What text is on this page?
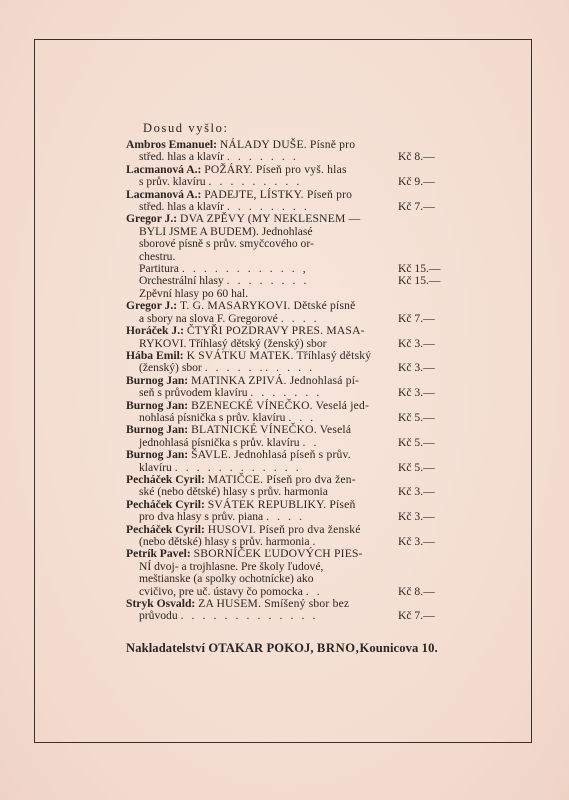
Dosud vyšlo:
Ambros Emanuel: NÁLADY DUŠE. Písně pro
střed. hlas a klavír . . . . . . .	Kč 8.—
Lacmanová A.: POŽÁRY. Píseň pro vyš. hlas
s prův. klavíru . . . . . . . . .	Kč 9.—
Lacmanová A.: PADEJTE, LÍSTKY. Píseň pro
střed. hlas a klavír . . . . . . . .	Kč 7.—
Gregor J.: DVA ZPĚVY (MY NEKLESNEM —
BYLI JSME A BUDEM). Jednohlasé
sborové písně s prův. smyčcového or-
chestru.
Partitura . . . . . . . . . . . ,	Kč 15.—
Orchestrální hlasy . . . . . . . .	Kč 15.—
Zpěvní hlasy po 60 hal.
Gregor J.: T. G. MASARYKOVI. Dětské písně
a sbory na slova F. Gregorové . . . .	Kč 7.—
Horáček J.: ČTYŘI POZDRAVY PRES. MASA-
RYKOVI. Tříhlasý dětský (ženský) sbor	Kč 3.—
Hába Emil: K SVÁTKU MATEK. Tříhlasý dětský
(ženský) sbor . . . . . .. . . . .	Kč 3.—
Burnog Jan: MATINKA ZPIVÁ. Jednohlasá pí-
seň s průvodem klavíru . . . . . . .	Kč 3.—
Burnog Jan: BZENECKÉ VÍNEČKO. Veselá jed-
nohlasá písnička s prův. klavíru . . .	Kč 5.—
Burnog Jan: BLATNICKÉ VÍNEČKO. Veselá
jednohlasá písnička s prův. klavíru . .	Kč 5.—
Burnog Jan: ŠAVLE. Jednohlasá píseň s prův.
klavíru . . . . . . . . . . . .	Kč 5.—
Pecháček Cyril: MATIČCE. Píseň pro dva žen-
ské (nebo dětské) hlasy s prův. harmonia	Kč 3.—
Pecháček Cyril: SVÁTEK REPUBLIKY. Píseň
pro dva hlasy s prův. piana . . . .	Kč 3.—
Pecháček Cyril: HUSOVI. Píseň pro dva ženské
(nebo dětské) hlasy s prův. harmonia .	Kč 3.—
Petrík Pavel: SBORNÍČEK ĽUDOVÝCH PIES-
NÍ dvoj- a trojhlasne. Pre školy ľudové,
meštianske (a spolky ochotnícke) ako
cvičivo, pre uč. ústavy čo pomocka . .	Kč 8.—
Stryk Osvald: ZA HUSEM. Smíšený sbor bez
průvodu . . . . . . . . . . . . .	Kč 7.—
Nakladatelství OTAKAR POKOJ, BRNO,Kounicova 10.
